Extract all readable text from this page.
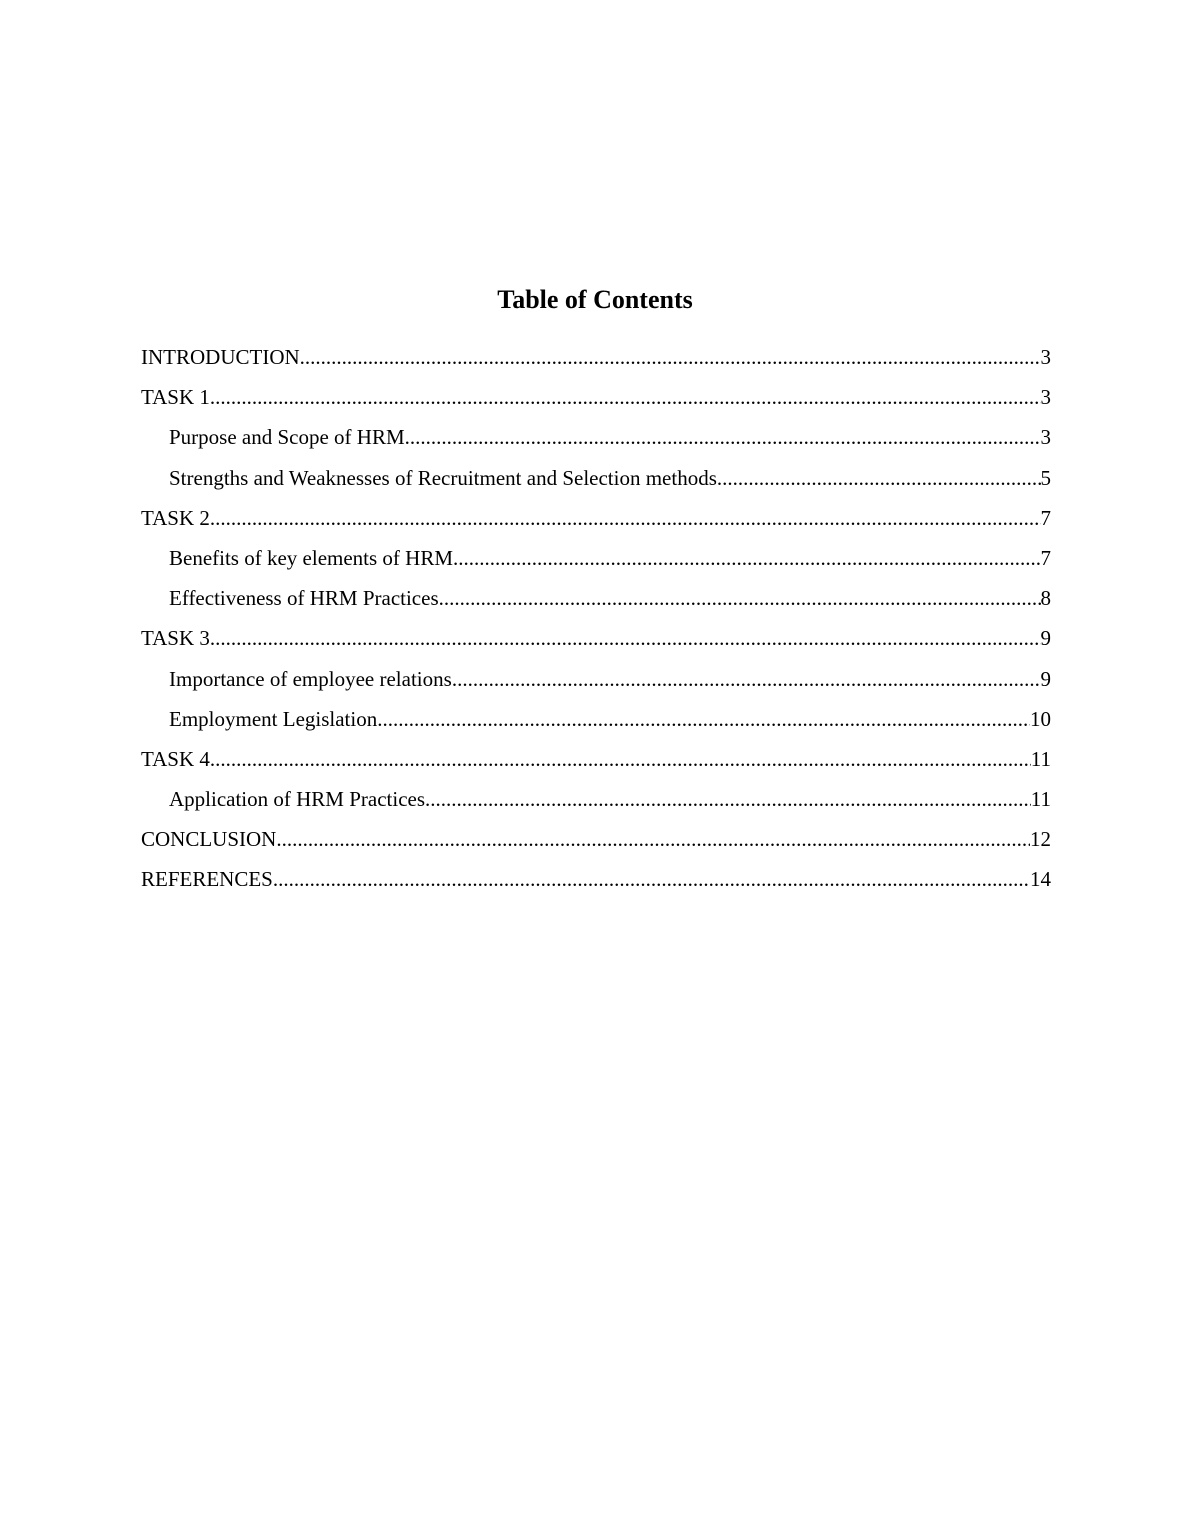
Table of Contents
INTRODUCTION .....	3
TASK 1 .....	3
Purpose and Scope of HRM .....	3
Strengths and Weaknesses of Recruitment and Selection methods .....	5
TASK 2 .....	7
Benefits of key elements of HRM .....	7
Effectiveness of HRM Practices .....	8
TASK 3 .....	9
Importance of employee relations .....	9
Employment Legislation .....	10
TASK 4 .....	11
Application of HRM Practices .....	11
CONCLUSION .....	12
REFERENCES .....	14
